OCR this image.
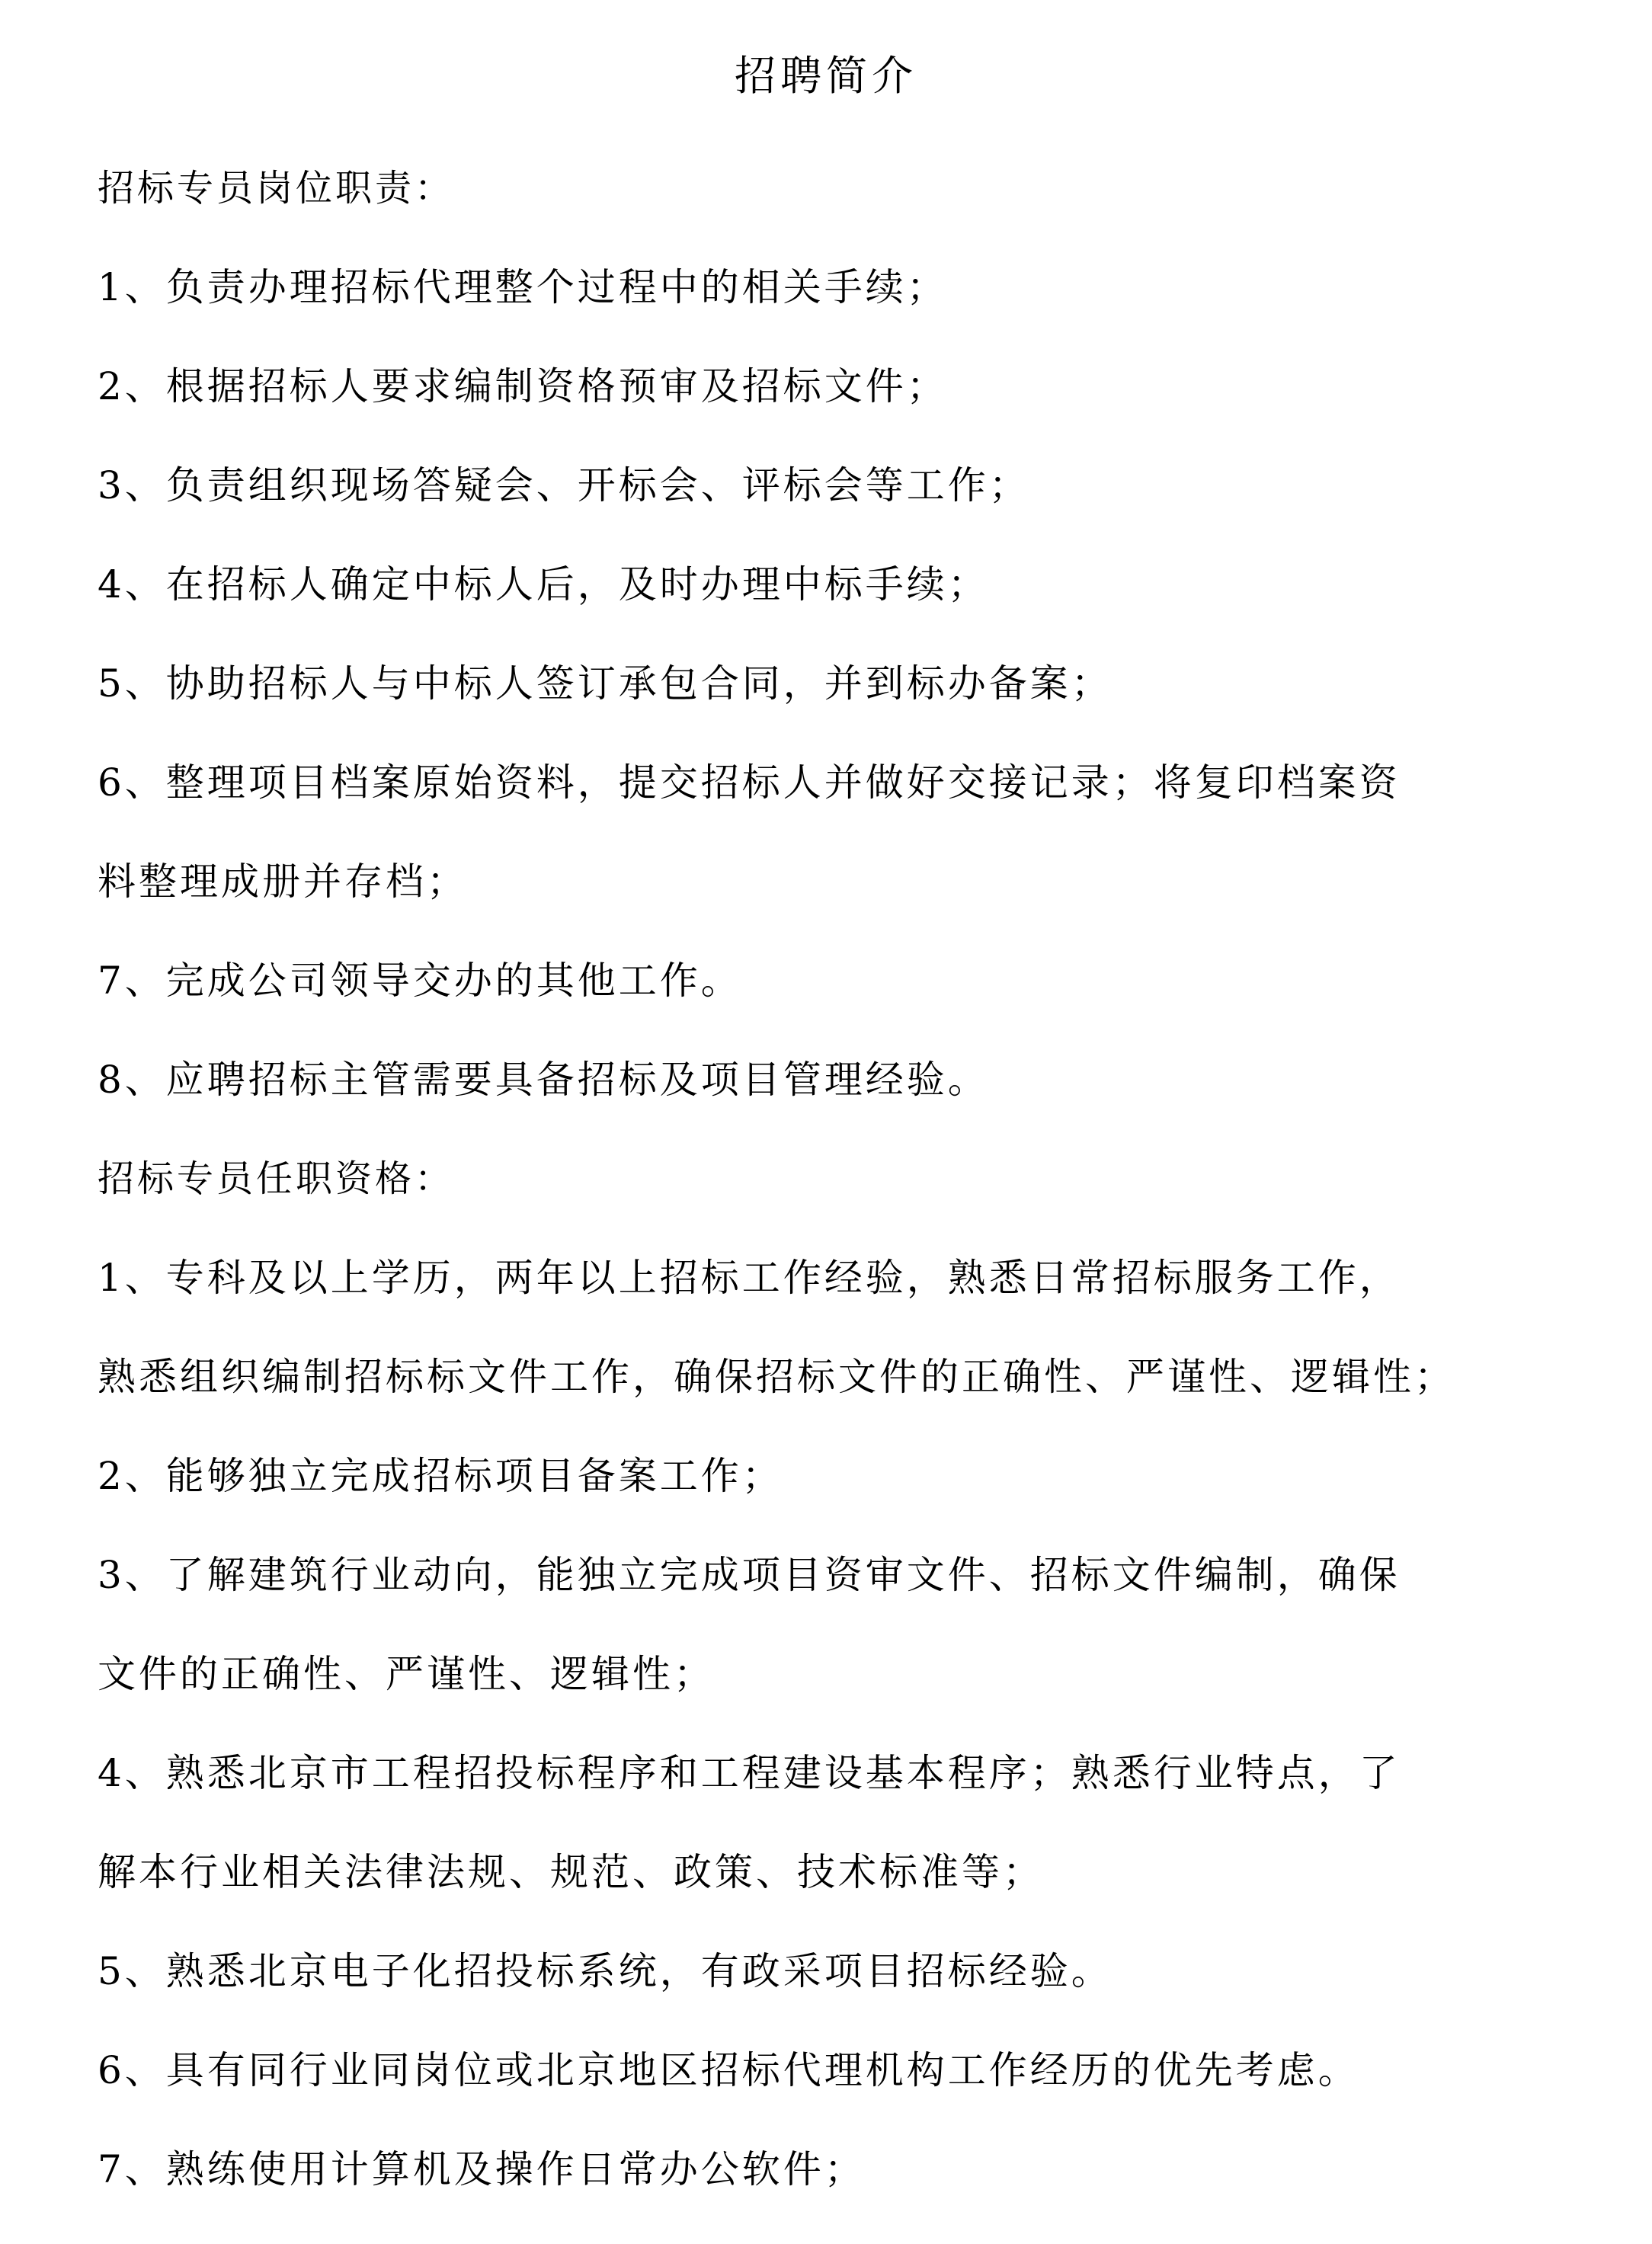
招聘简介
招标专员岗位职责：
1、负责办理招标代理整个过程中的相关手续；
2、根据招标人要求编制资格预审及招标文件；
3、负责组织现场答疑会、开标会、评标会等工作；
4、在招标人确定中标人后，及时办理中标手续；
5、协助招标人与中标人签订承包合同，并到标办备案；
6、整理项目档案原始资料，提交招标人并做好交接记录；将复印档案资
料整理成册并存档；
7、完成公司领导交办的其他工作。
8、应聘招标主管需要具备招标及项目管理经验。
招标专员任职资格：
1、专科及以上学历，两年以上招标工作经验，熟悉日常招标服务工作，
熟悉组织编制招标标文件工作，确保招标文件的正确性、严谨性、逻辑性；
2、能够独立完成招标项目备案工作；
3、了解建筑行业动向，能独立完成项目资审文件、招标文件编制，确保
文件的正确性、严谨性、逻辑性；
4、熟悉北京市工程招投标程序和工程建设基本程序；熟悉行业特点，了
解本行业相关法律法规、规范、政策、技术标准等；
5、熟悉北京电子化招投标系统，有政采项目招标经验。
6、具有同行业同岗位或北京地区招标代理机构工作经历的优先考虑。
7、熟练使用计算机及操作日常办公软件；
